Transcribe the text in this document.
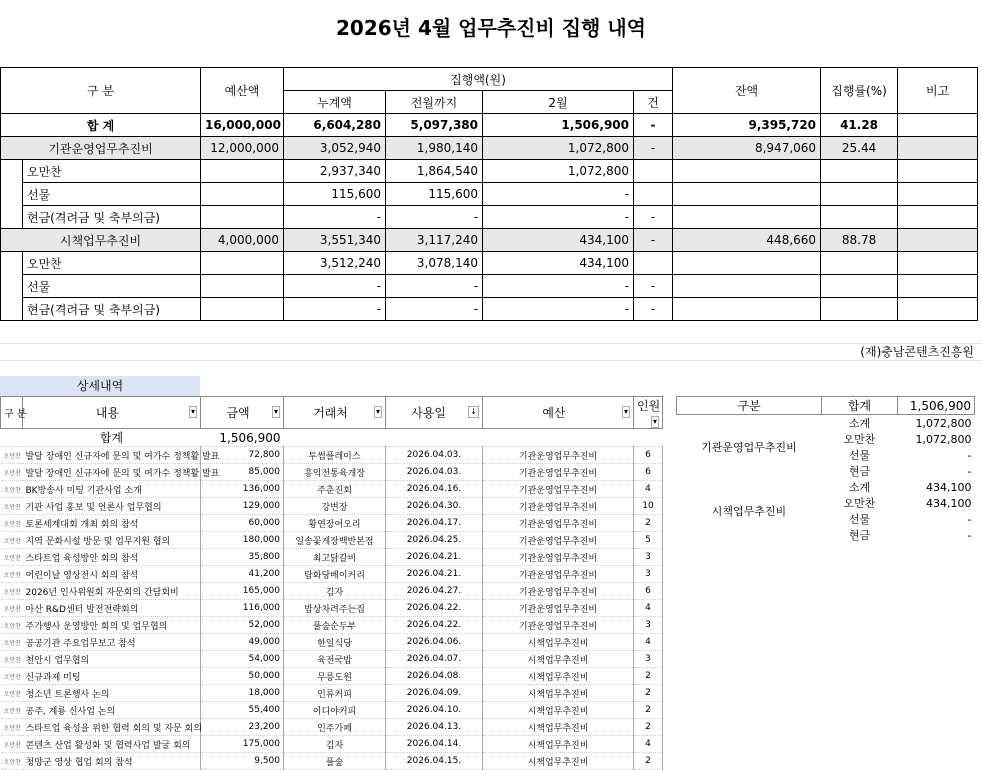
2026년 4월 업무추진비 집행 내역
구 분		예산액	집행액(원)				잔액	집행률(%)	비고
			누계액	전월까지	2월	건			
합 계		16,000,000	6,604,280	5,097,380	1,506,900	-	9,395,720	41.28	
기관운영업무추진비		12,000,000	3,052,940	1,980,140	1,072,800	-	8,947,060	25.44	
	오만찬		2,937,340	1,864,540	1,072,800				
	선물		115,600	115,600	-				
	현금(격려금 및 축부의금)		-	-	-	-			
시책업무추진비		4,000,000	3,551,340	3,117,240	434,100	-	448,660	88.78	
	오만찬		3,512,240	3,078,140	434,100				
	선물		-	-	-	-			
	현금(격려금 및 축부의금)		-	-	-	-			
(재)충남콘텐츠진흥원
상세내역
구 분	내용 ▾	금액 ▾	거래처 ▾	사용일 ↓	예산 ▾	인원
▾

	합계	1,506,900				
오만찬	발달 장애인 신규자에 문의 및 여가수 정책활 발표	72,800	투썸플레이스	2026.04.03.	기관운영업무추진비	6
오만찬	발달 장애인 신규자에 문의 및 여가수 정책활 발표	85,000	흥익전통육개장	2026.04.03.	기관운영업무추진비	6
오만찬	BK방송사 미팅 기관사업 소개	136,000	주춘진회	2026.04.16.	기관운영업무추진비	4
오만찬	기관 사업 홍보 및 언론사 업무협의	129,000	강변장	2026.04.30.	기관운영업무추진비	10
오만찬	토론세계대회 개최 회의 참석	60,000	황연장어오리	2026.04.17.	기관운영업무추진비	2
오만찬	지역 문화시설 방문 및 업무지원 협의	180,000	일송꽃게장백반본점	2026.04.25.	기관운영업무추진비	5
오만찬	스타트업 육성방안 회의 참석	35,800	최고닭갈비	2026.04.21.	기관운영업무추진비	3
오만찬	어린이날 영상전시 회의 참석	41,200	탐화당베이커리	2026.04.21.	기관운영업무추진비	3
오만찬	2026년 인사위원회 자문회의 간담회비	165,000	김자	2026.04.27.	기관운영업무추진비	6
오만찬	아산 R&D센터 발전전략회의	116,000	밥상차려주는집	2026.04.22.	기관운영업무추진비	4
오만찬	주가행사 운영방안 회의 및 업무협의	52,000	풀숲순두부	2026.04.22.	기관운영업무추진비	3
오만찬	공공기관 주요업무보고 참석	49,000	한일식당	2026.04.06.	시책업무추진비	4
오만찬	천안시 업무협의	54,000	육전국밥	2026.04.07.	시책업무추진비	3
오만찬	신규과제 미팅	50,000	무릉도원	2026.04.08.	시책업무추진비	2
오만찬	청소년 트론행사 논의	18,000	인류커피	2026.04.09.	시책업무추진비	2
오만찬	공주, 계룡 신사업 논의	55,400	이디야커피	2026.04.10.	시책업무추진비	2
오만찬	스타트업 육성을 위한 협력 회의 및 자문 회의	23,200	인주가페	2026.04.13.	시책업무추진비	2
오만찬	콘텐츠 산업 활성화 및 협력사업 발굴 회의	175,000	김자	2026.04.14.	시책업무추진비	4
오만찬	청양군 영상 협업 회의 참석	9,500	풀숲	2026.04.15.	시책업무추진비	2
구분	합계	1,506,900
기관운영업무추진비	소계	1,072,800
	오만찬	1,072,800
	선물	-
	현금	-
시책업무추진비	소계	434,100
	오만찬	434,100
	선물	-
	현금	-
